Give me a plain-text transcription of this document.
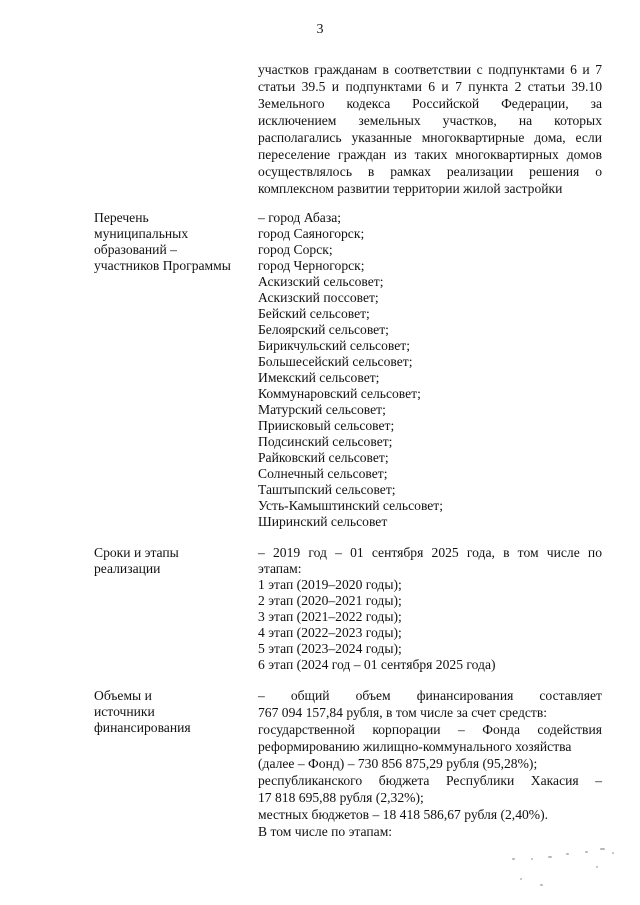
3
участков гражданам в соответствии с подпунктами 6 и 7
статьи 39.5 и подпунктами 6 и 7 пункта 2 статьи 39.10
Земельного кодекса Российской Федерации, за
исключением земельных участков, на которых
располагались указанные многоквартирные дома, если
переселение граждан из таких многоквартирных домов
осуществлялось в рамках реализации решения о
комплексном развитии территории жилой застройки
Перечень
муниципальных
образований –
участников Программы
– город Абаза;
город Саяногорск;
город Сорск;
город Черногорск;
Аскизский сельсовет;
Аскизский поссовет;
Бейский сельсовет;
Белоярский сельсовет;
Бирикчульский сельсовет;
Большесейский сельсовет;
Имекский сельсовет;
Коммунаровский сельсовет;
Матурский сельсовет;
Приисковый сельсовет;
Подсинский сельсовет;
Райковский сельсовет;
Солнечный сельсовет;
Таштыпский сельсовет;
Усть-Камыштинский сельсовет;
Ширинский сельсовет
Сроки и этапы
реализации
– 2019 год – 01 сентября 2025 года, в том числе по
этапам:
1 этап (2019–2020 годы);
2 этап (2020–2021 годы);
3 этап (2021–2022 годы);
4 этап (2022–2023 годы);
5 этап (2023–2024 годы);
6 этап (2024 год – 01 сентября 2025 года)
Объемы и
источники
финансирования
– общий объем финансирования составляет
767 094 157,84 рубля, в том числе за счет средств:
государственной корпорации – Фонда содействия
реформированию жилищно-коммунального хозяйства
(далее – Фонд) – 730 856 875,29 рубля (95,28%);
республиканского бюджета Республики Хакасия –
17 818 695,88 рубля (2,32%);
местных бюджетов – 18 418 586,67 рубля (2,40%).
В том числе по этапам:
